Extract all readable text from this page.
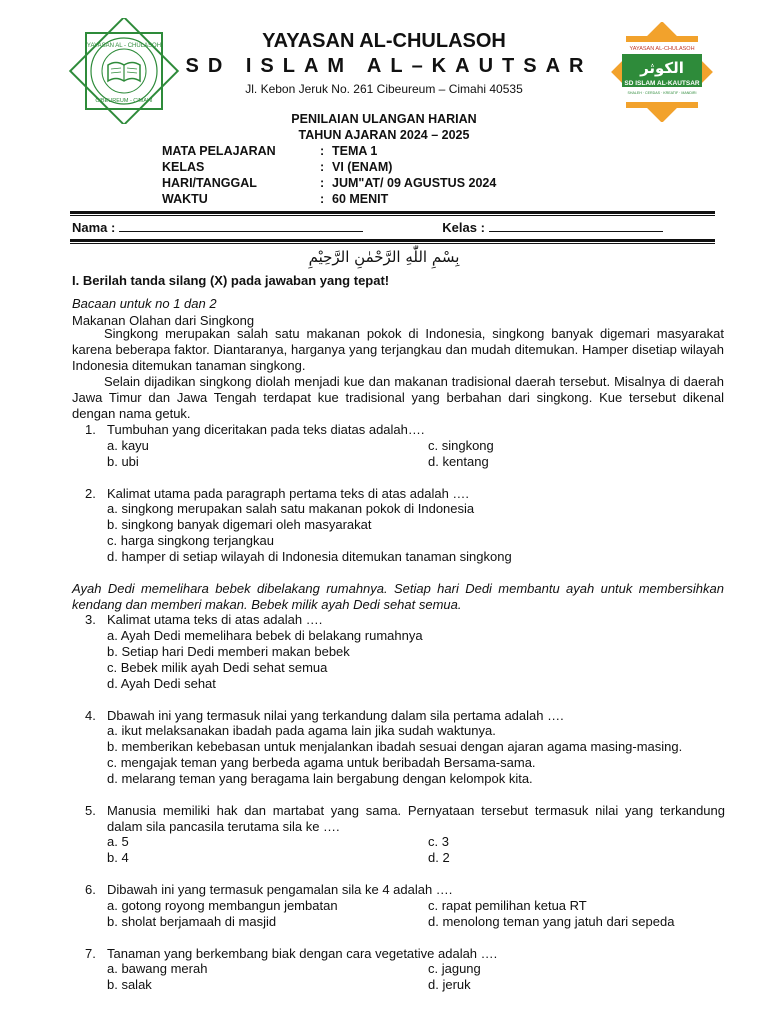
YAYASAN AL - CHULASOH
CIBEUREUM - CIMAHI
YAYASAN AL-CHULASOH
الكوثر
SD ISLAM AL-KAUTSAR
SHALEH · CERDAS · KREATIF · MANDIRI
YAYASAN AL-CHULASOH
SD ISLAM AL–KAUTSAR
Jl. Kebon Jeruk No. 261 Cibeureum – Cimahi 40535
PENILAIAN ULANGAN HARIAN
TAHUN AJARAN 2024 – 2025
MATA PELAJARAN	: TEMA 1
KELAS	: VI (ENAM)
HARI/TANGGAL	: JUM"AT/ 09 AGUSTUS 2024
WAKTU	: 60 MENIT
Nama :	Kelas :
بِسْمِ اللّٰهِ الرَّحْمٰنِ الرَّحِيْمِ
I. Berilah tanda silang (X) pada jawaban yang tepat!
Bacaan untuk no 1 dan 2
Makanan Olahan dari Singkong
Singkong merupakan salah satu makanan pokok di Indonesia, singkong banyak digemari masyarakat karena beberapa faktor. Diantaranya, harganya yang terjangkau dan mudah ditemukan. Hamper disetiap wilayah Indonesia ditemukan tanaman singkong.
Selain dijadikan singkong diolah menjadi kue dan makanan tradisional daerah tersebut. Misalnya di daerah Jawa Timur dan Jawa Tengah terdapat kue tradisional yang berbahan dari singkong. Kue tersebut dikenal dengan nama getuk.
1. Tumbuhan yang diceritakan pada teks diatas adalah….
a. kayu
b. ubi
c. singkong
d. kentang
2. Kalimat utama pada paragraph pertama teks di atas adalah ….
a. singkong merupakan salah satu makanan pokok di Indonesia
b. singkong banyak digemari oleh masyarakat
c. harga singkong terjangkau
d. hamper di setiap wilayah di Indonesia ditemukan tanaman singkong
Ayah Dedi memelihara bebek dibelakang rumahnya. Setiap hari Dedi membantu ayah untuk membersihkan kendang dan memberi makan. Bebek milik ayah Dedi sehat semua.
3. Kalimat utama teks di atas adalah ….
a. Ayah Dedi memelihara bebek di belakang rumahnya
b. Setiap hari Dedi memberi makan bebek
c. Bebek milik ayah Dedi sehat semua
d. Ayah Dedi sehat
4. Dbawah ini yang termasuk nilai yang terkandung dalam sila pertama adalah ….
a. ikut melaksanakan ibadah pada agama lain jika sudah waktunya.
b. memberikan kebebasan untuk menjalankan ibadah sesuai dengan ajaran agama masing-masing.
c. mengajak teman yang berbeda agama untuk beribadah Bersama-sama.
d. melarang teman yang beragama lain bergabung dengan kelompok kita.
5. Manusia memiliki hak dan martabat yang sama. Pernyataan tersebut termasuk nilai yang terkandung dalam sila pancasila terutama sila ke ….
a. 5
b. 4
c. 3
d. 2
6. Dibawah ini yang termasuk pengamalan sila ke 4 adalah ….
a. gotong royong membangun jembatan
b. sholat berjamaah di masjid
c. rapat pemilihan ketua RT
d. menolong teman yang jatuh dari sepeda
7. Tanaman yang berkembang biak dengan cara vegetative adalah ….
a. bawang merah
b. salak
c. jagung
d. jeruk
